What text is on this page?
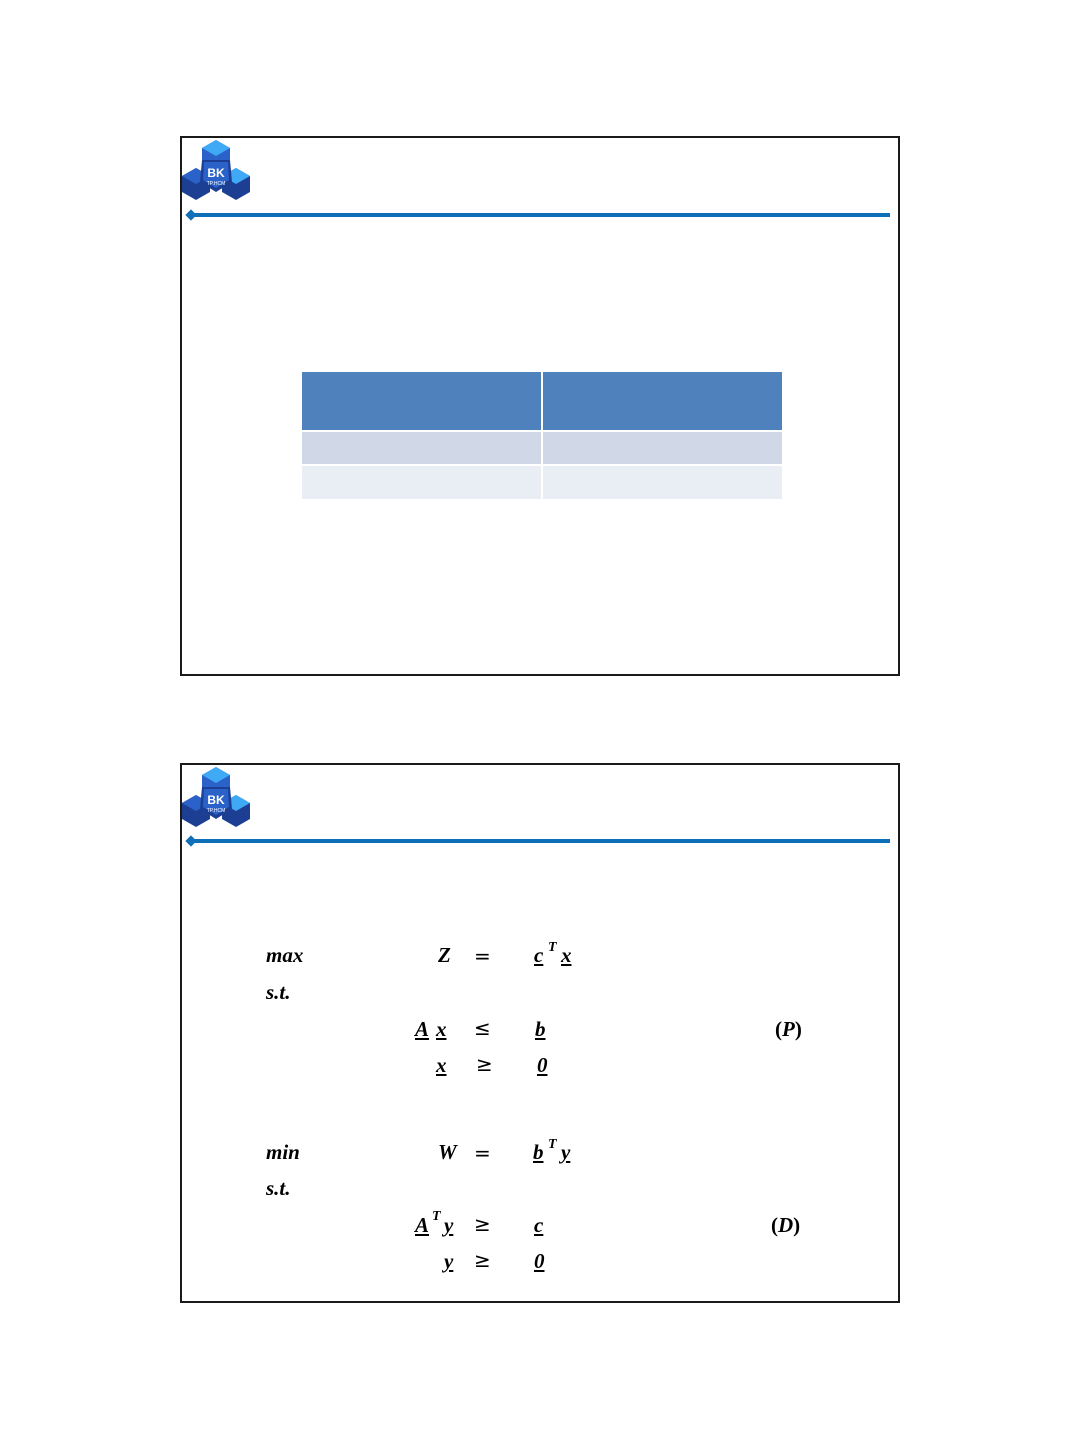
BK
TP.HCM

BK
TP.HCM
max	Z = c T x
s.t.
A x ≤ b	(P)
x ≥ 0
min	W = b T y
s.t.
A T y ≥ c	(D)
y ≥ 0
